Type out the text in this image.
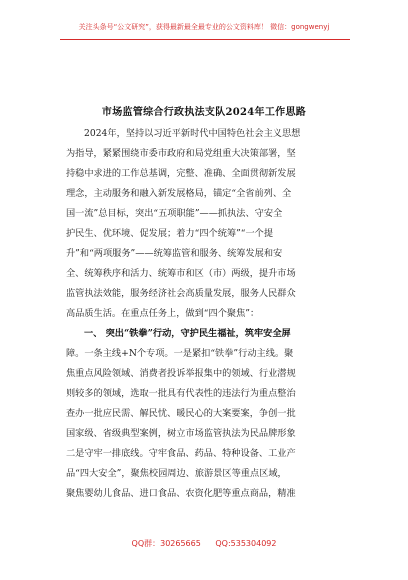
关注头条号“公文研究”，获得最新最全最专业的公文资料库！ 微信：gongwenyj
市场监管综合行政执法支队2024年工作思路
2024年，坚持以习近平新时代中国特色社会主义思想
为指导，紧紧围绕市委市政府和局党组重大决策部署，坚
持稳中求进的工作总基调，完整、准确、全面贯彻新发展
理念，主动服务和融入新发展格局，锚定“全省前列、全
国一流”总目标，突出“五项职能”——抓执法、守安全
护民生、优环境、促发展；着力“四个统筹”“一个提
升”和“两项服务”——统筹监管和服务、统筹发展和安
全、统筹秩序和活力、统筹市和区（市）两级，提升市场
监管执法效能，服务经济社会高质量发展，服务人民群众
高品质生活。在重点任务上，做到“四个聚焦”：
一、 突出“铁拳”行动，守护民生福祉，筑牢安全屏
障。一条主线+N个专项。一是紧扣“铁拳”行动主线。聚
焦重点风险领域、消费者投诉举报集中的领域、行业潜规
则较多的领域，选取一批具有代表性的违法行为重点整治
查办一批应民需、解民忧、暖民心的大案要案，争创一批
国家级、省级典型案例，树立市场监管执法为民品牌形象
二是守牢一排底线。守牢食品、药品、特种设备、工业产
品“四大安全”，聚焦校园周边、旅游景区等重点区域，
聚焦婴幼儿食品、进口食品、农资化肥等重点商品，精准
QQ群：30265665 QQ:535304092
